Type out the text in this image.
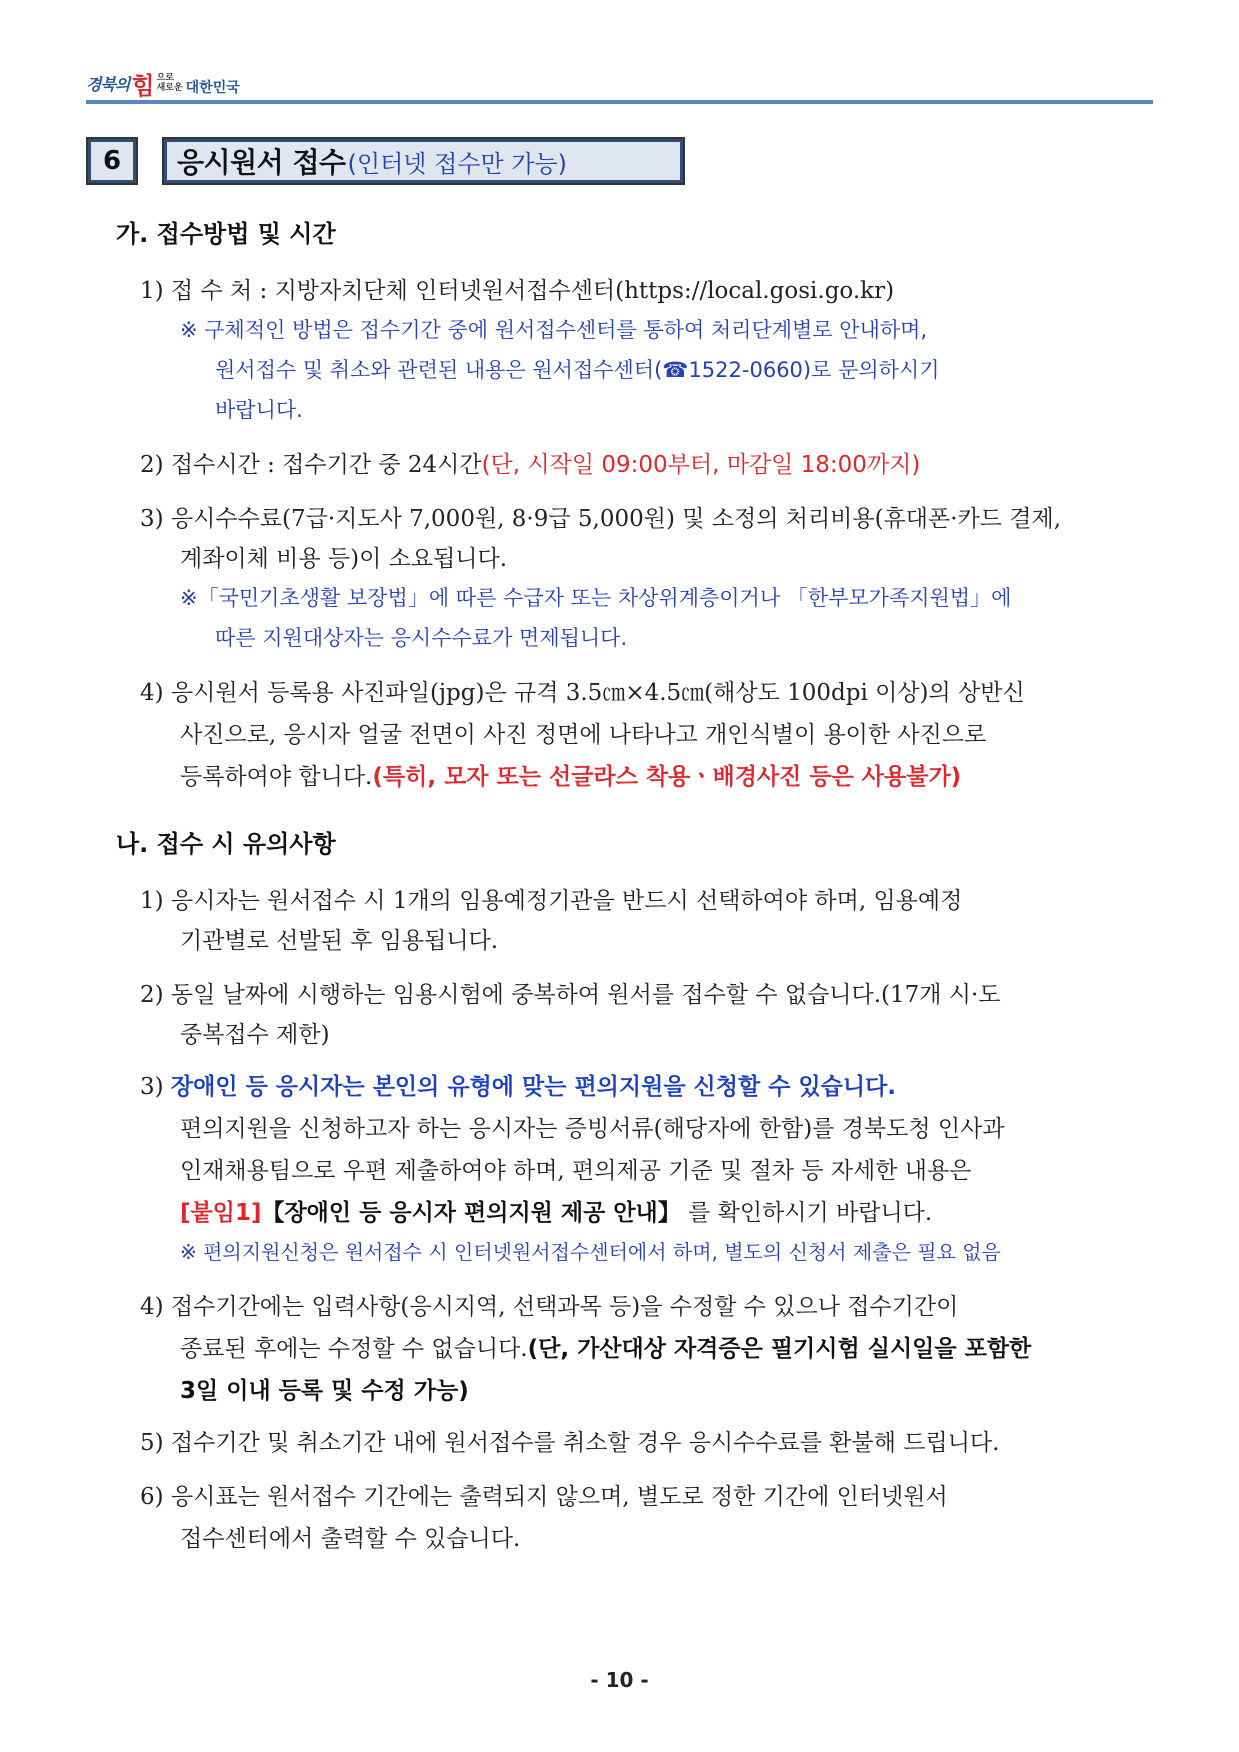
경북의 힘 으로
새로운 대한민국
6	응시원서 접수 (인터넷 접수만 가능)
가. 접수방법 및 시간
1) 접 수 처 : 지방자치단체 인터넷원서접수센터(https://local.gosi.go.kr)
※ 구체적인 방법은 접수기간 중에 원서접수센터를 통하여 처리단계별로 안내하며,
원서접수 및 취소와 관련된 내용은 원서접수센터(☎1522-0660)로 문의하시기
바랍니다.
2) 접수시간 : 접수기간 중 24시간(단, 시작일 09:00부터, 마감일 18:00까지)
3) 응시수수료(7급·지도사 7,000원, 8·9급 5,000원) 및 소정의 처리비용(휴대폰·카드 결제,
계좌이체 비용 등)이 소요됩니다.
※「국민기초생활 보장법」에 따른 수급자 또는 차상위계층이거나 「한부모가족지원법」에
따른 지원대상자는 응시수수료가 면제됩니다.
4) 응시원서 등록용 사진파일(jpg)은 규격 3.5㎝×4.5㎝(해상도 100dpi 이상)의 상반신
사진으로, 응시자 얼굴 전면이 사진 정면에 나타나고 개인식별이 용이한 사진으로
등록하여야 합니다.(특히, 모자 또는 선글라스 착용ㆍ배경사진 등은 사용불가)
나. 접수 시 유의사항
1) 응시자는 원서접수 시 1개의 임용예정기관을 반드시 선택하여야 하며, 임용예정
기관별로 선발된 후 임용됩니다.
2) 동일 날짜에 시행하는 임용시험에 중복하여 원서를 접수할 수 없습니다.(17개 시·도
중복접수 제한)
3) 장애인 등 응시자는 본인의 유형에 맞는 편의지원을 신청할 수 있습니다.
편의지원을 신청하고자 하는 응시자는 증빙서류(해당자에 한함)를 경북도청 인사과
인재채용팀으로 우편 제출하여야 하며, 편의제공 기준 및 절차 등 자세한 내용은
[붙임1]【장애인 등 응시자 편의지원 제공 안내】 를 확인하시기 바랍니다.
※ 편의지원신청은 원서접수 시 인터넷원서접수센터에서 하며, 별도의 신청서 제출은 필요 없음
4) 접수기간에는 입력사항(응시지역, 선택과목 등)을 수정할 수 있으나 접수기간이
종료된 후에는 수정할 수 없습니다.(단, 가산대상 자격증은 필기시험 실시일을 포함한
3일 이내 등록 및 수정 가능)
5) 접수기간 및 취소기간 내에 원서접수를 취소할 경우 응시수수료를 환불해 드립니다.
6) 응시표는 원서접수 기간에는 출력되지 않으며, 별도로 정한 기간에 인터넷원서
접수센터에서 출력할 수 있습니다.
- 10 -
